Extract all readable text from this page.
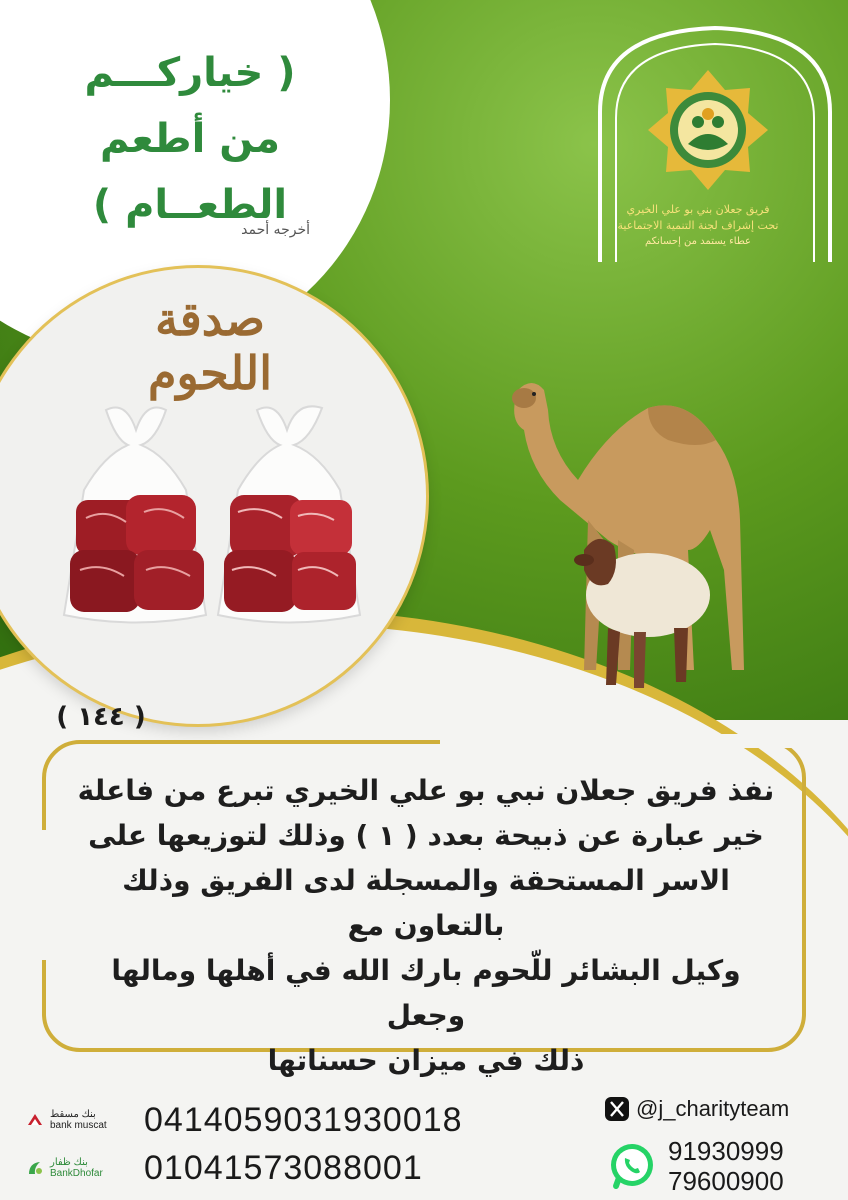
( خياركـــم
من أطعم
الطعــام )
أخرجه أحمد
صدقة اللحوم
فريق جعلان بني بو علي الخيري
تحت إشراف لجنة التنمية الاجتماعية
عطاء يستمد من إحسانكم
( ١٤٤ )
نفذ فريق جعلان نبي بو علي الخيري تبرع من فاعلة
خير عبارة عن ذبيحة بعدد ( ١ ) وذلك لتوزيعها على
الاسر المستحقة والمسجلة لدى الفريق وذلك بالتعاون مع
وكيل البشائر للّحوم بارك الله في أهلها ومالها وجعل
ذلك في ميزان حسناتها
بنك مسقط
bank muscat 0414059031930018
بنك ظفار
BankDhofar 01041573088001
@j_charityteam
91930999
79600900
